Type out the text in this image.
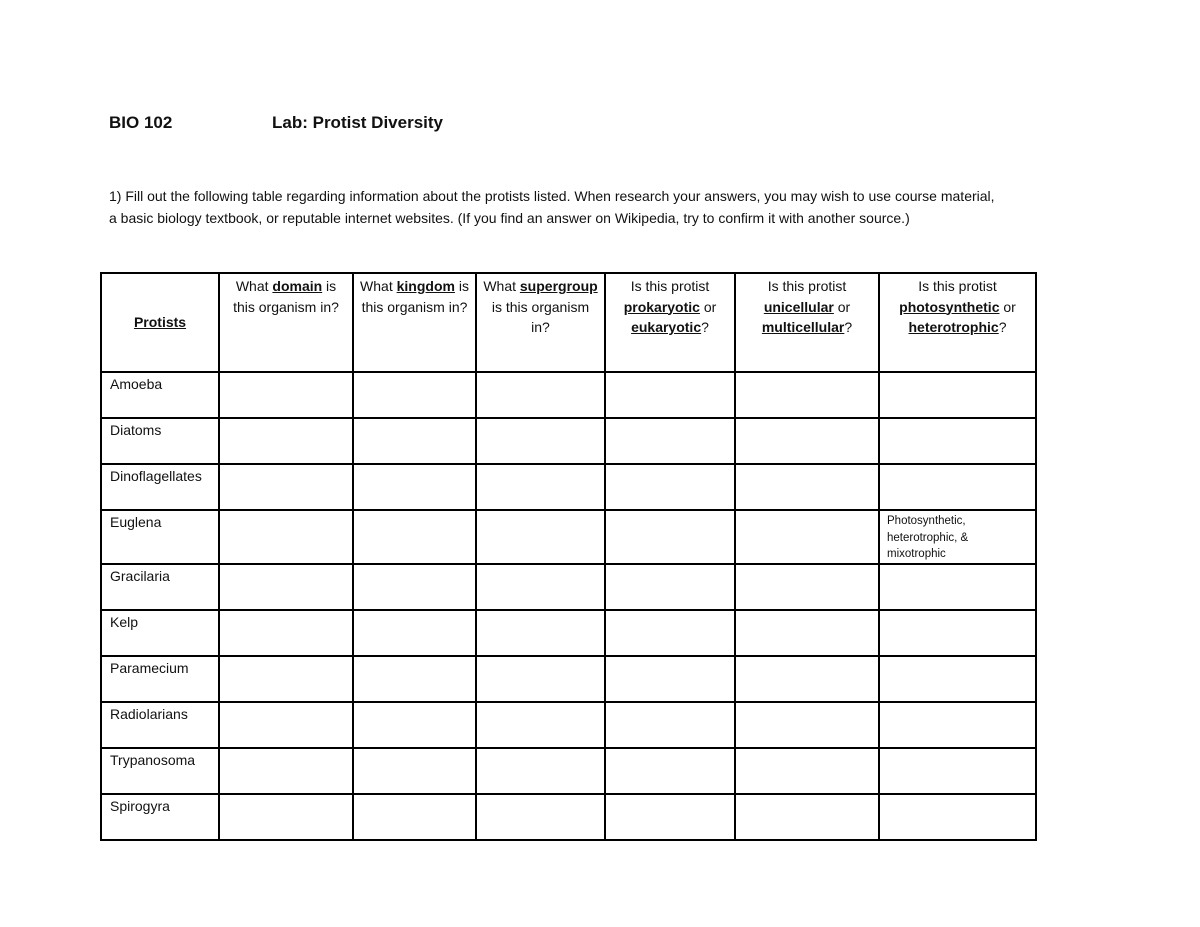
BIO 102	Lab: Protist Diversity
1) Fill out the following table regarding information about the protists listed. When research your answers, you may wish to use course material,
a basic biology textbook, or reputable internet websites. (If you find an answer on Wikipedia, try to confirm it with another source.)
Protists	What domain is this organism in?	What kingdom is this organism in?	What supergroup is this organism in?	Is this protist prokaryotic or eukaryotic?	Is this protist unicellular or multicellular?	Is this protist photosynthetic or heterotrophic?
Amoeba						
Diatoms						
Dinoflagellates						
Euglena						Photosynthetic,
heterotrophic, &
mixotrophic

Gracilaria						
Kelp						
Paramecium						
Radiolarians						
Trypanosoma						
Spirogyra						
